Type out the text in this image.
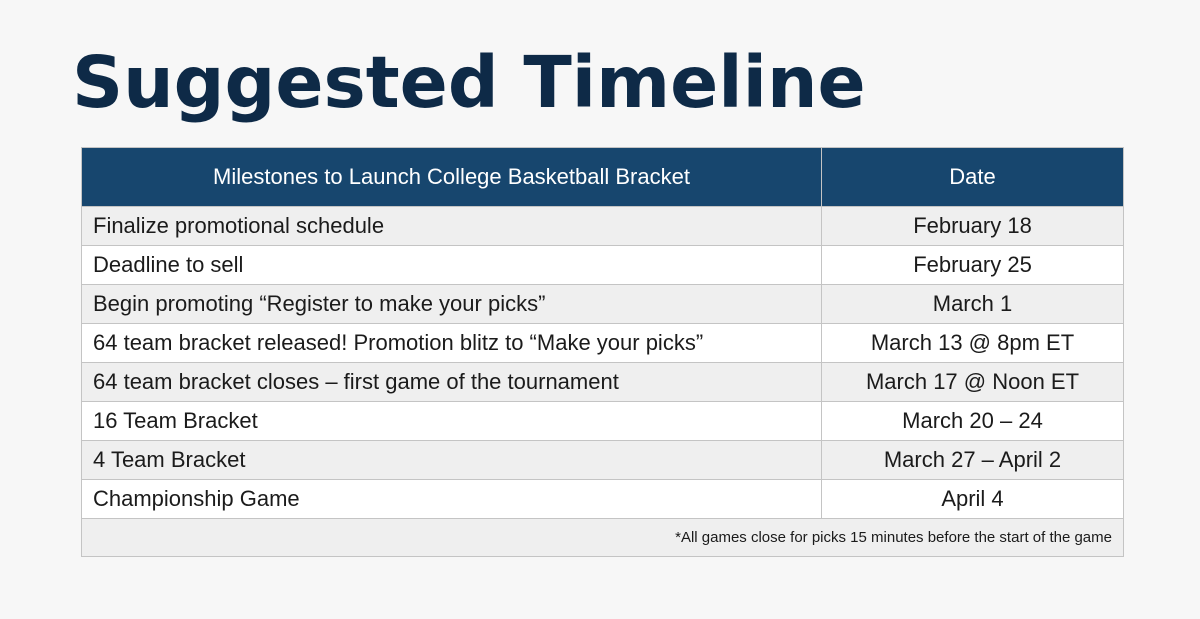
Suggested Timeline
Milestones to Launch College Basketball Bracket	Date
Finalize promotional schedule	February 18
Deadline to sell	February 25
Begin promoting “Register to make your picks”	March 1
64 team bracket released! Promotion blitz to “Make your picks”	March 13 @ 8pm ET
64 team bracket closes – first game of the tournament	March 17 @ Noon ET
16 Team Bracket	March 20 – 24
4 Team Bracket	March 27 – April 2
Championship Game	April 4
*All games close for picks 15 minutes before the start of the game	
